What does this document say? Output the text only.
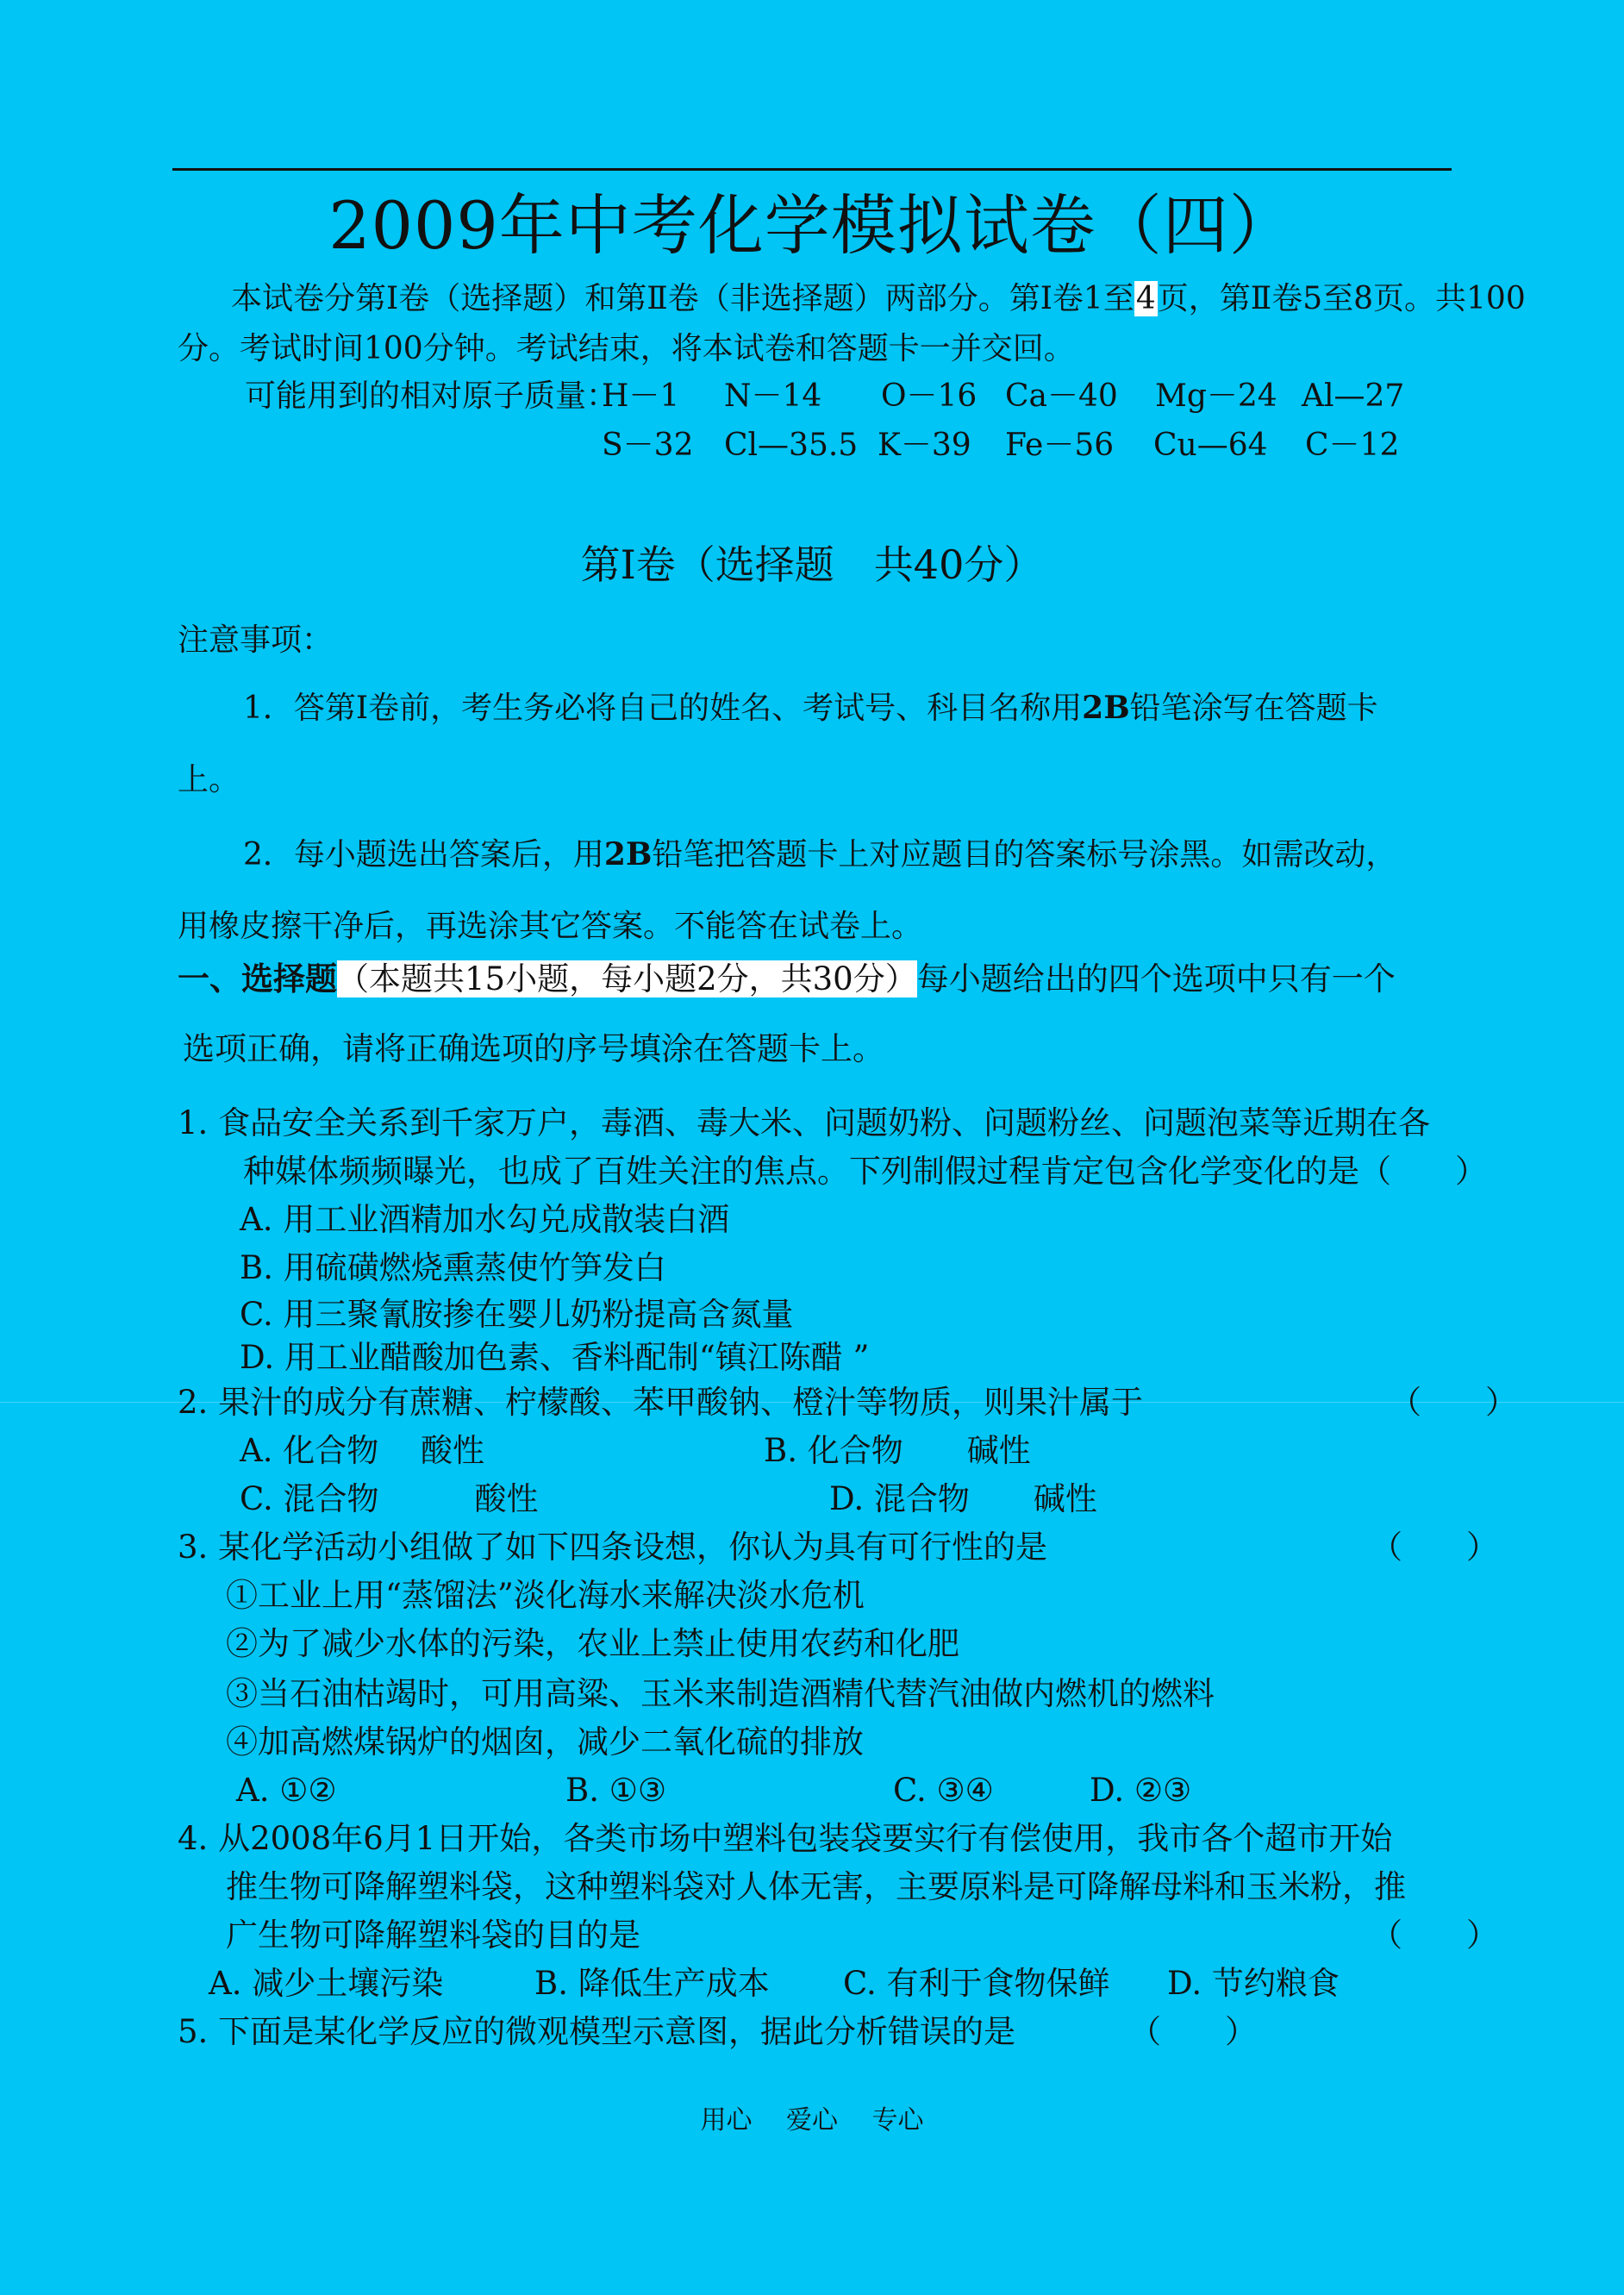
2009年中考化学模拟试卷（四）
本试卷分第Ⅰ卷（选择题）和第Ⅱ卷（非选择题）两部分。第Ⅰ卷1至4页，第Ⅱ卷5至8页。共100
分。考试时间100分钟。考试结束，将本试卷和答题卡一并交回。
可能用到的相对原子质量：
H－1 N－14 O－16 Ca－40 Mg－24 Al—27
S－32 Cl—35.5 K－39 Fe－56 Cu—64 C－12
第Ⅰ卷（选择题　共40分）
注意事项：
1．答第Ⅰ卷前，考生务必将自己的姓名、考试号、科目名称用2B铅笔涂写在答题卡
上。
2．每小题选出答案后，用2B铅笔把答题卡上对应题目的答案标号涂黑。如需改动，
用橡皮擦干净后，再选涂其它答案。不能答在试卷上。
一、选择题（本题共15小题，每小题2分，共30分）每小题给出的四个选项中只有一个
选项正确，请将正确选项的序号填涂在答题卡上。
1. 食品安全关系到千家万户，毒酒、毒大米、问题奶粉、问题粉丝、问题泡菜等近期在各
种媒体频频曝光，也成了百姓关注的焦点。下列制假过程肯定包含化学变化的是（　　）
A. 用工业酒精加水勾兑成散装白酒
B. 用硫磺燃烧熏蒸使竹笋发白
C. 用三聚氰胺掺在婴儿奶粉提高含氮量
D. 用工业醋酸加色素、香料配制“镇江陈醋 ”
2. 果汁的成分有蔗糖、柠檬酸、苯甲酸钠、橙汁等物质，则果汁属于	（　　）
A. 化合物　 酸性	B. 化合物　　碱性
C. 混合物　　　酸性	D. 混合物　　碱性
3. 某化学活动小组做了如下四条设想，你认为具有可行性的是	（　　）
①工业上用“蒸馏法”淡化海水来解决淡水危机
②为了减少水体的污染，农业上禁止使用农药和化肥
③当石油枯竭时，可用高粱、玉米来制造酒精代替汽油做内燃机的燃料
④加高燃煤锅炉的烟囱，减少二氧化硫的排放
A. ①②	B. ①③	C. ③④	D. ②③
4. 从2008年6月1日开始，各类市场中塑料包装袋要实行有偿使用，我市各个超市开始
推生物可降解塑料袋，这种塑料袋对人体无害，主要原料是可降解母料和玉米粉，推
广生物可降解塑料袋的目的是	（　　）
A. 减少土壤污染	B. 降低生产成本 C. 有利于食物保鲜 D. 节约粮食
5. 下面是某化学反应的微观模型示意图，据此分析错误的是	（　　）
用心 爱心 专心
